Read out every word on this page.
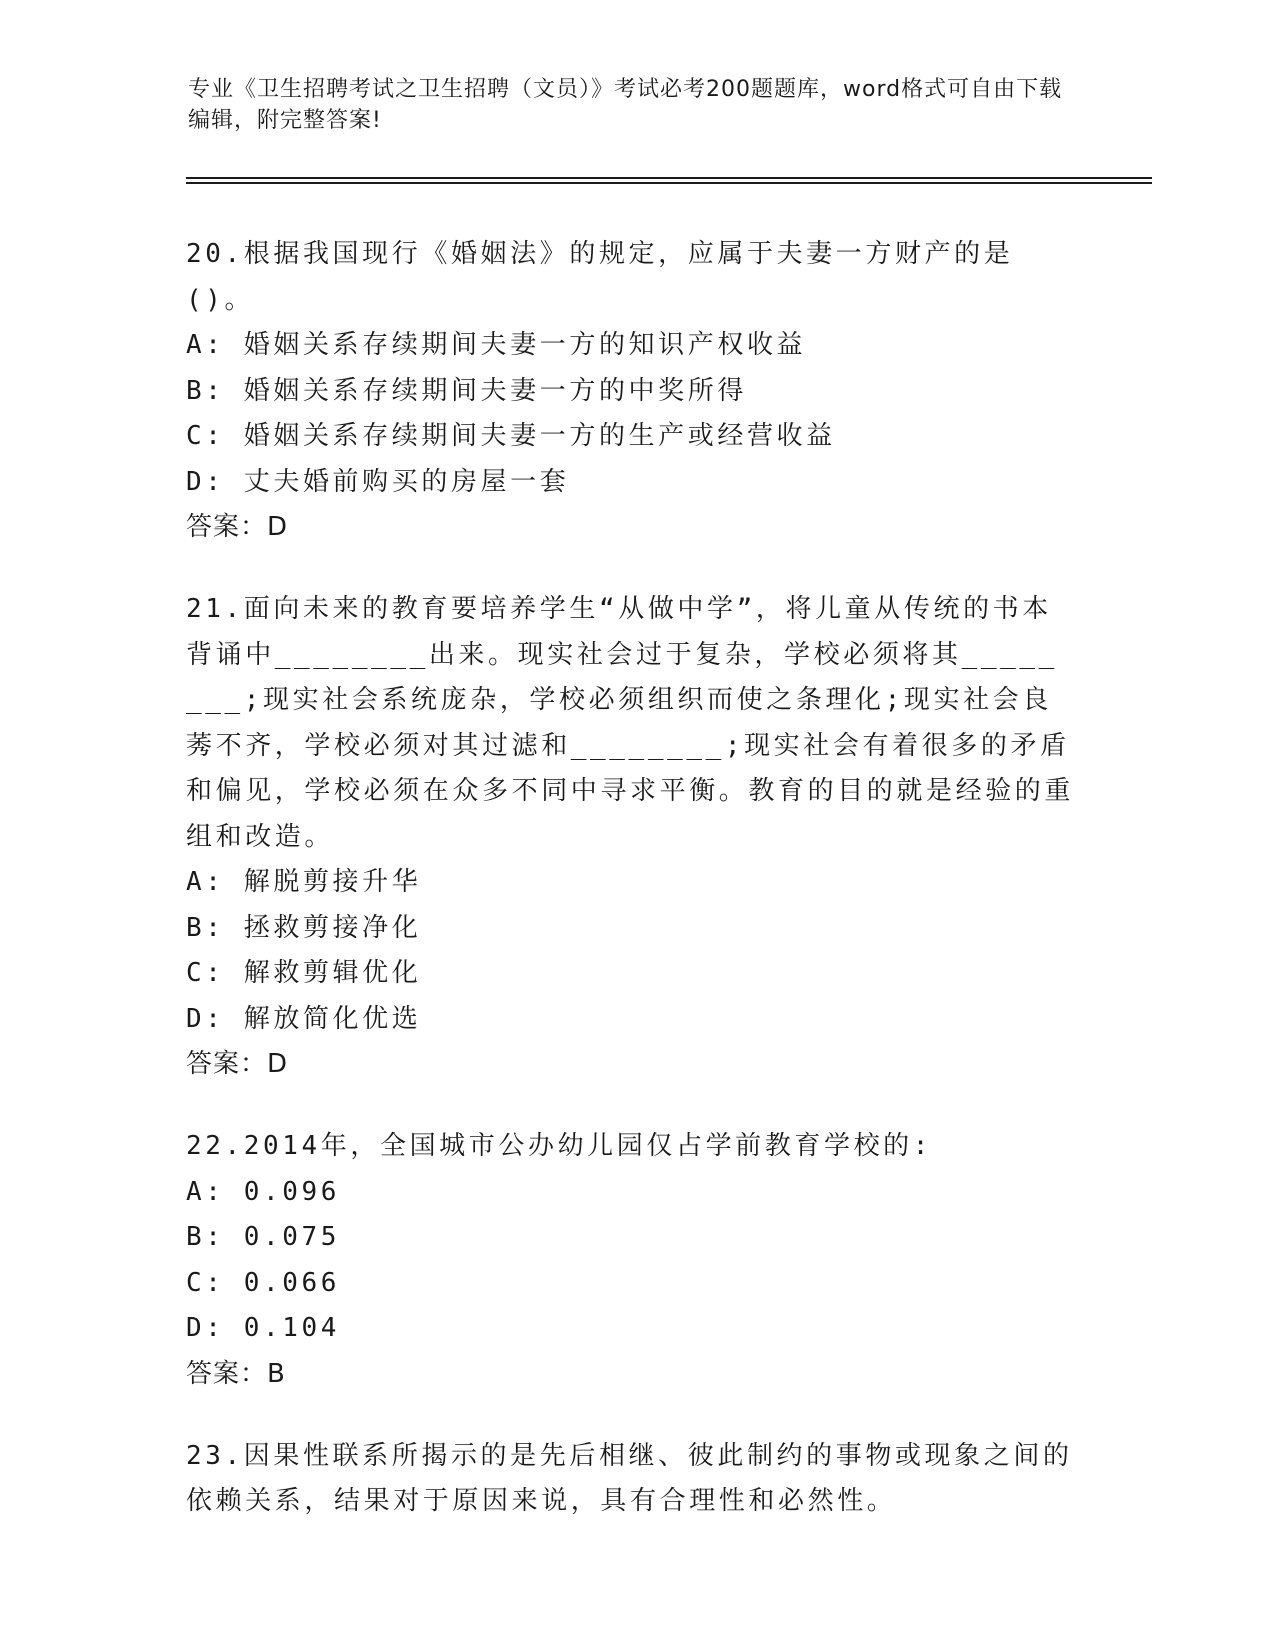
专业《卫生招聘考试之卫生招聘（文员）》考试必考200题题库，word格式可自由下载编辑，附完整答案!
20.根据我国现行《婚姻法》的规定，应属于夫妻一方财产的是()。
A: 婚姻关系存续期间夫妻一方的知识产权收益
B: 婚姻关系存续期间夫妻一方的中奖所得
C: 婚姻关系存续期间夫妻一方的生产或经营收益
D: 丈夫婚前购买的房屋一套
答案：D
21.面向未来的教育要培养学生“从做中学”，将儿童从传统的书本背诵中________出来。现实社会过于复杂，学校必须将其________;现实社会系统庞杂，学校必须组织而使之条理化;现实社会良莠不齐，学校必须对其过滤和________;现实社会有着很多的矛盾和偏见，学校必须在众多不同中寻求平衡。教育的目的就是经验的重组和改造。
A: 解脱剪接升华
B: 拯救剪接净化
C: 解救剪辑优化
D: 解放简化优选
答案：D
22.2014年，全国城市公办幼儿园仅占学前教育学校的:
A: 0.096
B: 0.075
C: 0.066
D: 0.104
答案：B
23.因果性联系所揭示的是先后相继、彼此制约的事物或现象之间的依赖关系，结果对于原因来说，具有合理性和必然性。
